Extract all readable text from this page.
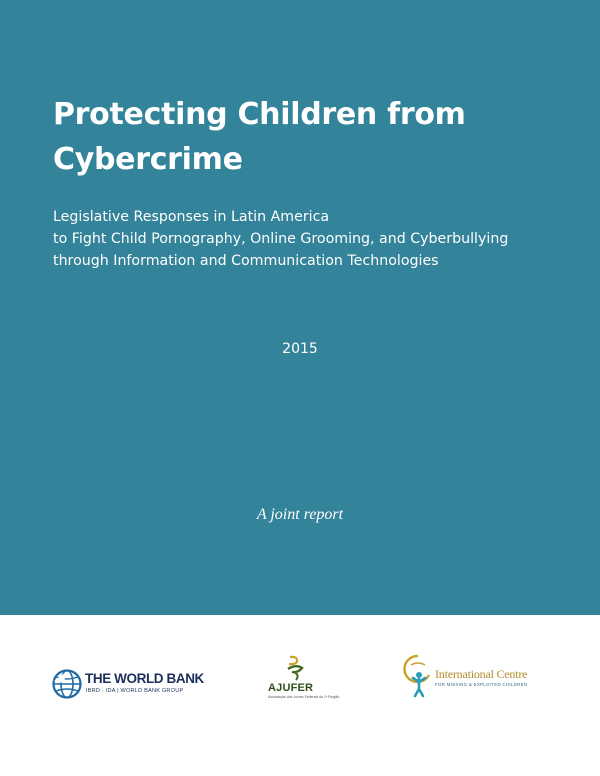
Protecting Children from Cybercrime
Legislative Responses in Latin America
to Fight Child Pornography, Online Grooming, and Cyberbullying
through Information and Communication Technologies
2015
A joint report
THE WORLD BANK
IBRD · IDA | WORLD BANK GROUP	AJUFER
Associação dos Juízes Federais da 1ª Região
International Centre
FOR MISSING & EXPLOITED CHILDREN
